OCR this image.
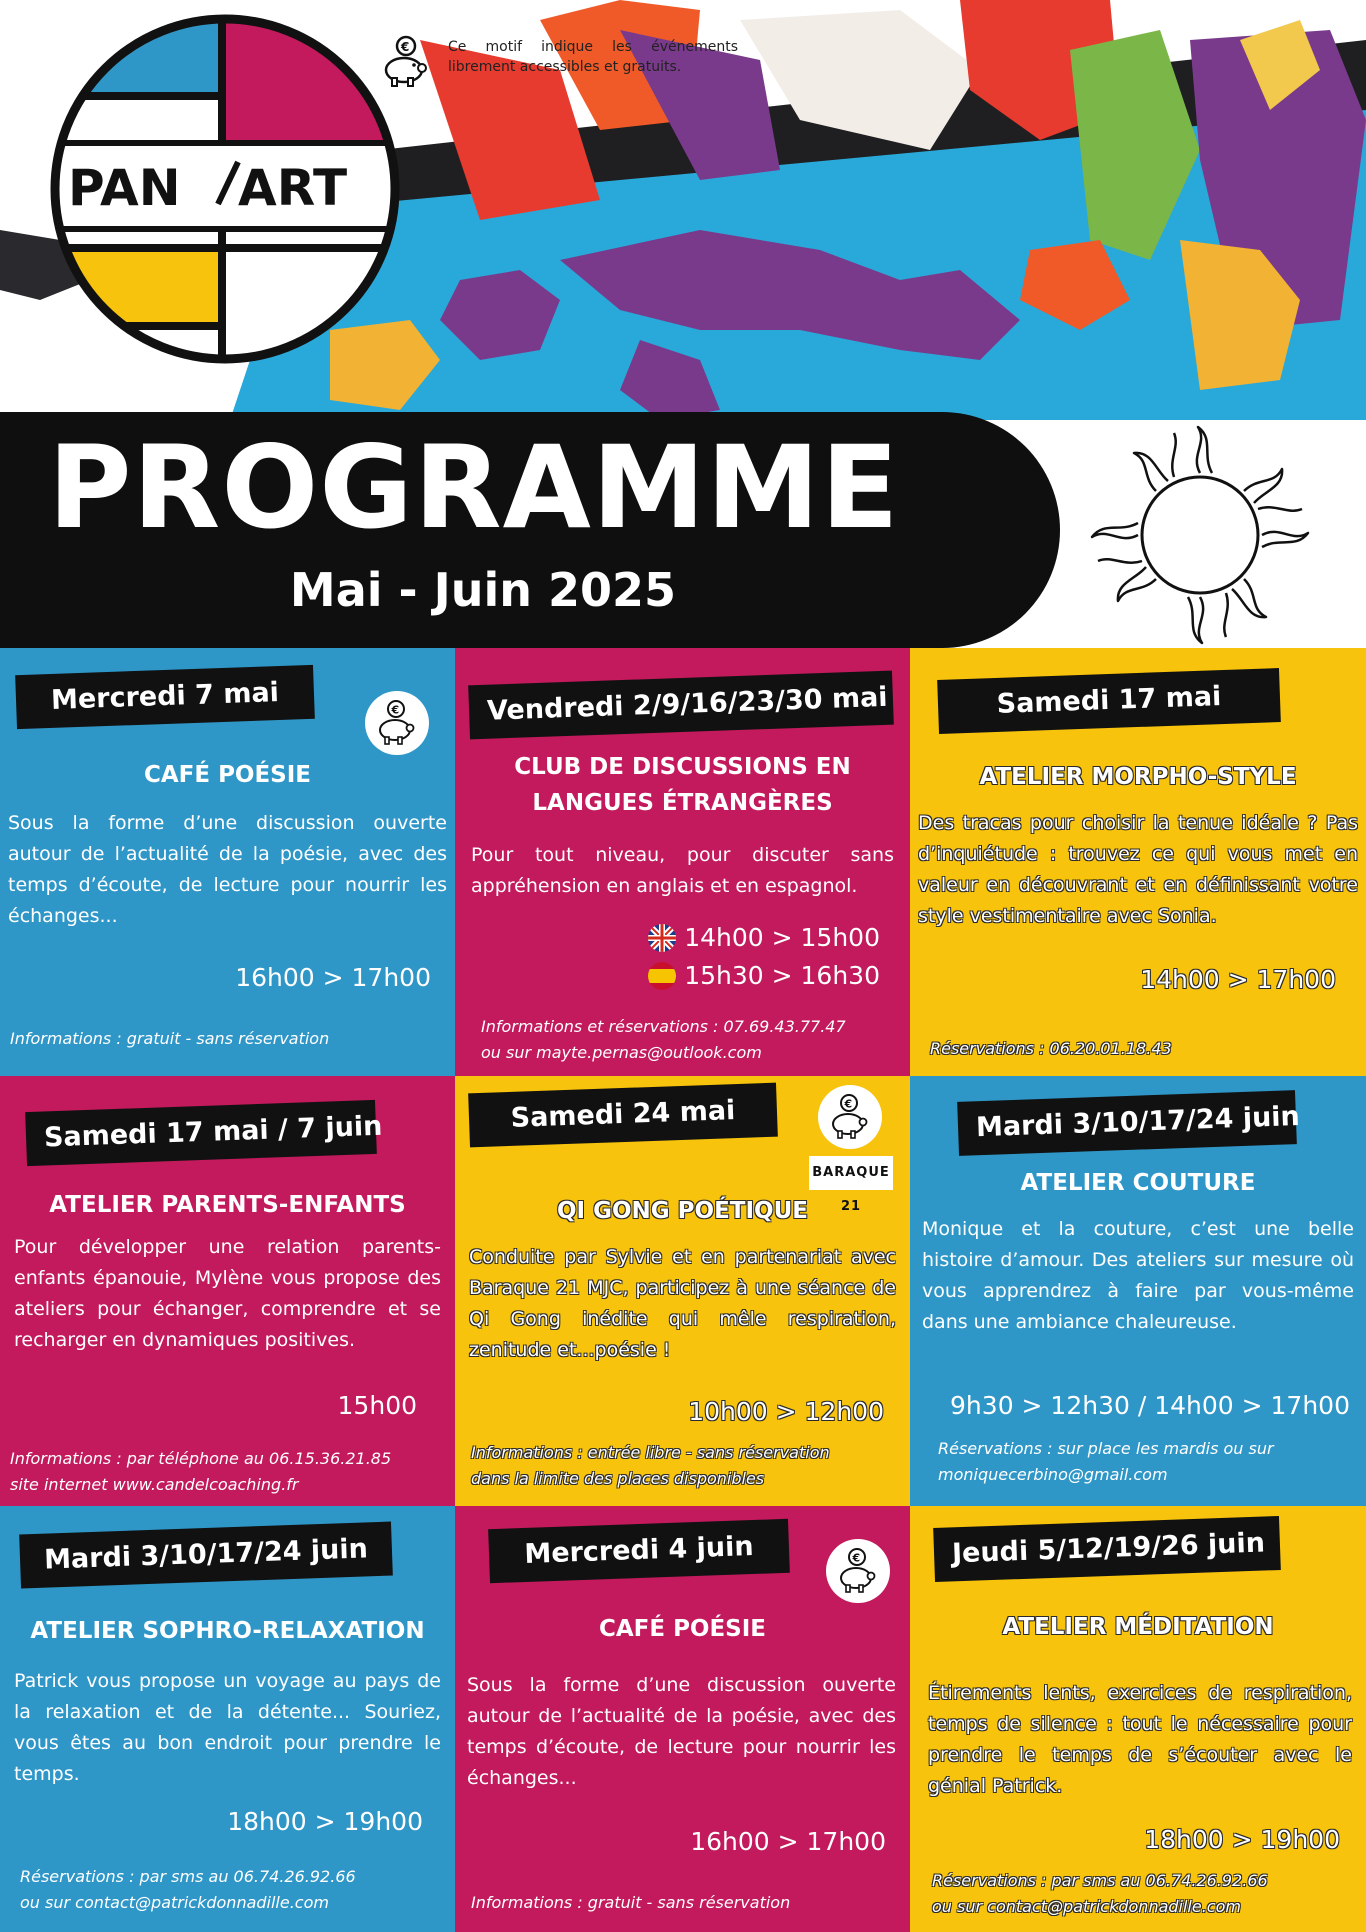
PAN ART
€	Ce motif indique les événements librement accessibles et gratuits.
PROGRAMME
Mai - Juin 2025
Mercredi 7 mai	€
CAFÉ POÉSIE
Sous la forme d’une discussion ouverte autour de l’actualité de la poésie, avec des temps d’écoute, de lecture pour nourrir les échanges...
16h00 > 17h00
Informations : gratuit - sans réservation
Vendredi 2/9/16/23/30 mai
CLUB DE DISCUSSIONS EN
LANGUES ÉTRANGÈRES
Pour tout niveau, pour discuter sans appréhension en anglais et en espagnol.
14h00 > 15h00
15h30 > 16h30
Informations et réservations : 07.69.43.77.47
ou sur mayte.pernas@outlook.com
Samedi 17 mai
ATELIER MORPHO-STYLE
Des tracas pour choisir la tenue idéale ? Pas d’inquiétude : trouvez ce qui vous met en valeur en découvrant et en définissant votre style vestimentaire avec Sonia.
14h00 > 17h00
Réservations : 06.20.01.18.43
Samedi 17 mai / 7 juin
ATELIER PARENTS-ENFANTS
Pour développer une relation parents-enfants épanouie, Mylène vous propose des ateliers pour échanger, comprendre et se recharger en dynamiques positives.
15h00
Informations : par téléphone au 06.15.36.21.85
site internet www.candelcoaching.fr
Samedi 24 mai	€
BARAQUE 21
QI GONG POÉTIQUE
Conduite par Sylvie et en partenariat avec Baraque 21 MJC, participez à une séance de Qi Gong inédite qui mêle respiration, zenitude et...poésie !
10h00 > 12h00
Informations : entrée libre - sans réservation
dans la limite des places disponibles
Mardi 3/10/17/24 juin
ATELIER COUTURE
Monique et la couture, c’est une belle histoire d’amour. Des ateliers sur mesure où vous apprendrez à faire par vous-même dans une ambiance chaleureuse.
9h30 > 12h30 / 14h00 > 17h00
Réservations : sur place les mardis ou sur
moniquecerbino@gmail.com
Mardi 3/10/17/24 juin
ATELIER SOPHRO-RELAXATION
Patrick vous propose un voyage au pays de la relaxation et de la détente... Souriez, vous êtes au bon endroit pour prendre le temps.
18h00 > 19h00
Réservations : par sms au 06.74.26.92.66
ou sur contact@patrickdonnadille.com
Mercredi 4 juin	€
CAFÉ POÉSIE
Sous la forme d’une discussion ouverte autour de l’actualité de la poésie, avec des temps d’écoute, de lecture pour nourrir les échanges...
16h00 > 17h00
Informations : gratuit - sans réservation
Jeudi 5/12/19/26 juin
ATELIER MÉDITATION
Étirements lents, exercices de respiration, temps de silence : tout le nécessaire pour prendre le temps de s’écouter avec le génial Patrick.
18h00 > 19h00
Réservations : par sms au 06.74.26.92.66
ou sur contact@patrickdonnadille.com
